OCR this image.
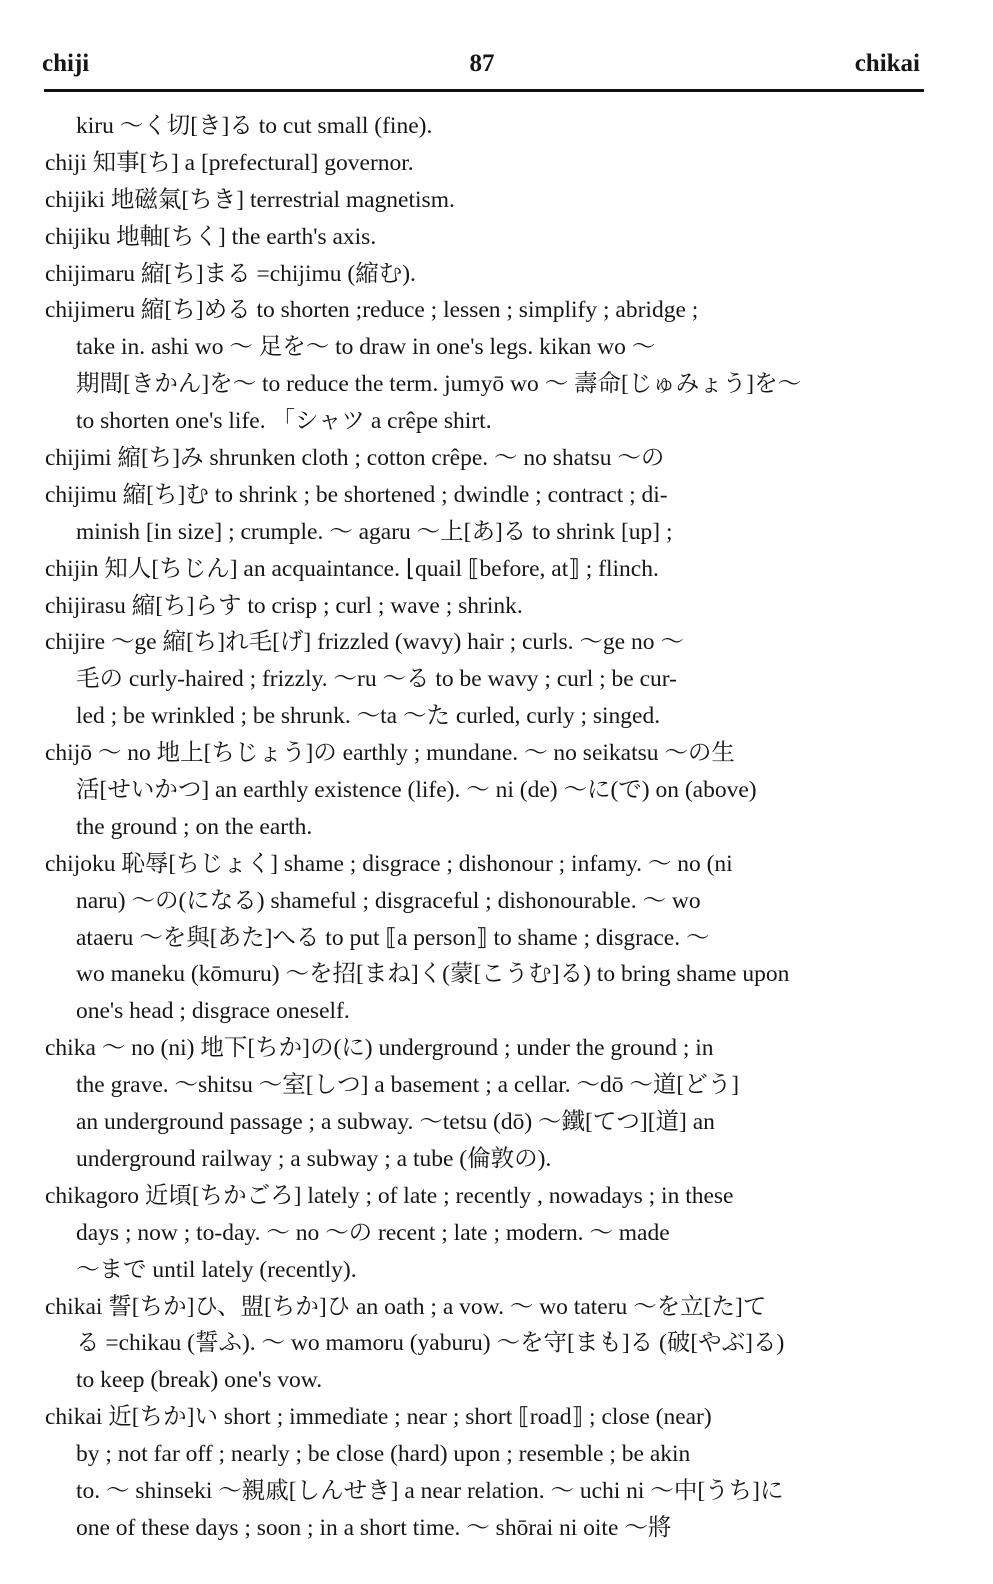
chiji	87	chikai
kiru ～く切[き]る to cut small (fine).
chiji 知事[ち] a [prefectural] governor.
chijiki 地磁氣[ちき] terrestrial magnetism.
chijiku 地軸[ちく] the earth's axis.
chijimaru 縮[ち]まる =chijimu (縮む).
chijimeru 縮[ち]める to shorten ;reduce ; lessen ; simplify ; abridge ;
take in. ashi wo ～ 足を～ to draw in one's legs. kikan wo ～
期間[きかん]を～ to reduce the term. jumyō wo ～ 壽命[じゅみょう]を～
to shorten one's life. 「シャツ a crêpe shirt.
chijimi 縮[ち]み shrunken cloth ; cotton crêpe. ～ no shatsu ～の
chijimu 縮[ち]む to shrink ; be shortened ; dwindle ; contract ; di-
minish [in size] ; crumple. ～ agaru ～上[あ]る to shrink [up] ;
chijin 知人[ちじん] an acquaintance. ⌊quail ⟦before, at⟧ ; flinch.
chijirasu 縮[ち]らす to crisp ; curl ; wave ; shrink.
chijire ～ge 縮[ち]れ毛[げ] frizzled (wavy) hair ; curls. ～ge no ～
毛の curly-haired ; frizzly. ～ru ～る to be wavy ; curl ; be cur-
led ; be wrinkled ; be shrunk. ～ta ～た curled, curly ; singed.
chijō ～ no 地上[ちじょう]の earthly ; mundane. ～ no seikatsu ～の生
活[せいかつ] an earthly existence (life). ～ ni (de) ～に(で) on (above)
the ground ; on the earth.
chijoku 恥辱[ちじょく] shame ; disgrace ; dishonour ; infamy. ～ no (ni
naru) ～の(になる) shameful ; disgraceful ; dishonourable. ～ wo
ataeru ～を與[あた]へる to put ⟦a person⟧ to shame ; disgrace. ～
wo maneku (kōmuru) ～を招[まね]く(蒙[こうむ]る) to bring shame upon
one's head ; disgrace oneself.
chika ～ no (ni) 地下[ちか]の(に) underground ; under the ground ; in
the grave. ～shitsu ～室[しつ] a basement ; a cellar. ～dō ～道[どう]
an underground passage ; a subway. ～tetsu (dō) ～鐵[てつ][道] an
underground railway ; a subway ; a tube (倫敦の).
chikagoro 近頃[ちかごろ] lately ; of late ; recently , nowadays ; in these
days ; now ; to-day. ～ no ～の recent ; late ; modern. ～ made
～まで until lately (recently).
chikai 誓[ちか]ひ、盟[ちか]ひ an oath ; a vow. ～ wo tateru ～を立[た]て
る =chikau (誓ふ). ～ wo mamoru (yaburu) ～を守[まも]る (破[やぶ]る)
to keep (break) one's vow.
chikai 近[ちか]い short ; immediate ; near ; short ⟦road⟧ ; close (near)
by ; not far off ; nearly ; be close (hard) upon ; resemble ; be akin
to. ～ shinseki ～親戚[しんせき] a near relation. ～ uchi ni ～中[うち]に
one of these days ; soon ; in a short time. ～ shōrai ni oite ～將
